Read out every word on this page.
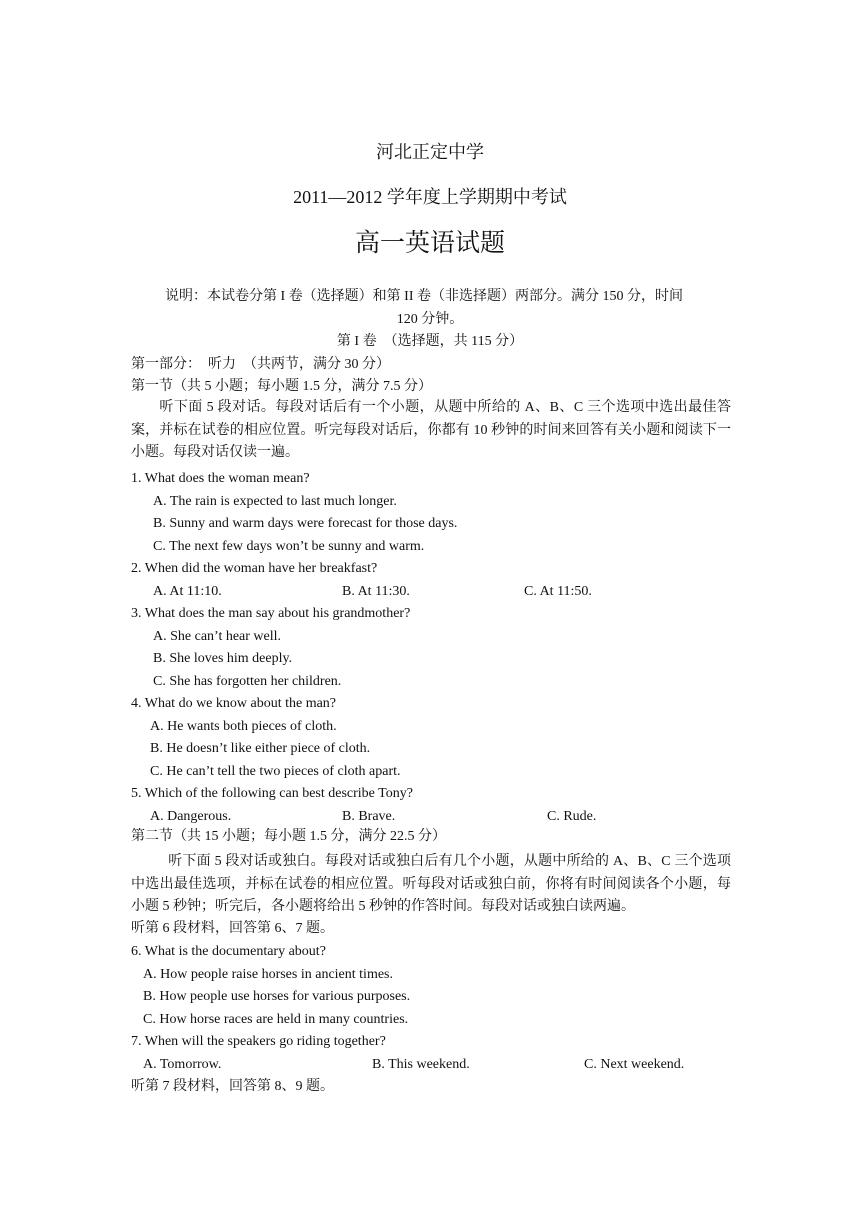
河北正定中学
2011—2012 学年度上学期期中考试
高一英语试题
说明：本试卷分第 I 卷（选择题）和第 II 卷（非选择题）两部分。满分 150 分，时间
120 分钟。
第 I 卷　（选择题，共 115 分）
第一部分：　听力　（共两节，满分 30 分）
第一节（共 5 小题；每小题 1.5 分，满分 7.5 分）
听下面 5 段对话。每段对话后有一个小题，从题中所给的 A、B、C 三个选项中选出最佳答案，并标在试卷的相应位置。听完每段对话后，你都有 10 秒钟的时间来回答有关小题和阅读下一小题。每段对话仅读一遍。
1. What does the woman mean?
A. The rain is expected to last much longer.
B. Sunny and warm days were forecast for those days.
C. The next few days won’t be sunny and warm.
2. When did the woman have her breakfast?
A. At 11:10.	B. At 11:30.	C. At 11:50.
3. What does the man say about his grandmother?
A. She can’t hear well.
B. She loves him deeply.
C. She has forgotten her children.
4. What do we know about the man?
A. He wants both pieces of cloth.
B. He doesn’t like either piece of cloth.
C. He can’t tell the two pieces of cloth apart.
5. Which of the following can best describe Tony?
A. Dangerous.	B. Brave.	C. Rude.
第二节（共 15 小题；每小题 1.5 分，满分 22.5 分）
听下面 5 段对话或独白。每段对话或独白后有几个小题，从题中所给的 A、B、C 三个选项中选出最佳选项，并标在试卷的相应位置。听每段对话或独白前，你将有时间阅读各个小题，每小题 5 秒钟；听完后，各小题将给出 5 秒钟的作答时间。每段对话或独白读两遍。
听第 6 段材料，回答第 6、7 题。
6. What is the documentary about?
A. How people raise horses in ancient times.
B. How people use horses for various purposes.
C. How horse races are held in many countries.
7. When will the speakers go riding together?
A. Tomorrow.	B. This weekend.	C. Next weekend.
听第 7 段材料，回答第 8、9 题。
